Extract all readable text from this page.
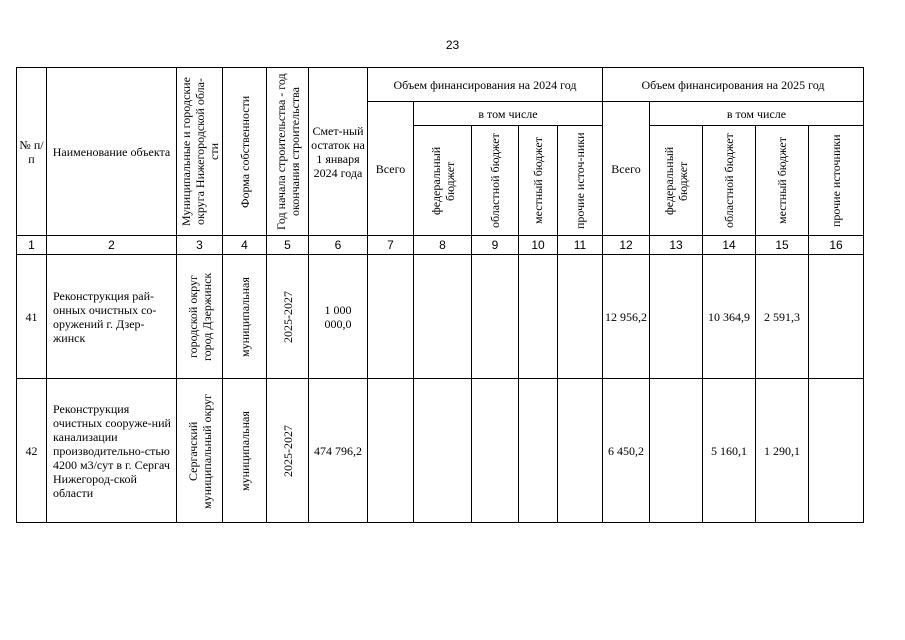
23
№ п/п	Наименование объекта	Муниципальные и городские округа Нижегородской обла-сти	Форма собственности	Год начала строительства - год окончания строительства	Смет-ный остаток на 1 января 2024 года	Объем финансирования на 2024 год					Объем финансирования на 2025 год				
						Всего	в том числе				Всего	в том числе			

							федеральный бюджет	областной бюджет	местный бюджет	прочие источ-ники		федеральный бюджет	областной бюджет	местный бюджет	прочие источники

1	2	3	4	5	6	7	8	9	10	11	12	13	14	15	16
41	Реконструкция рай-онных очистных со-оружений г. Дзер-жинск	городской округ город Дзержинск	муниципальная	2025-2027	1 000 000,0						12 956,2		10 364,9	2 591,3	
42	Реконструкция очистных сооруже-ний канализации производительно-стью 4200 м3/сут в г. Сергач Нижегород-ской области	Сергачский муниципальный округ	муниципальная	2025-2027	474 796,2						6 450,2		5 160,1	1 290,1	
